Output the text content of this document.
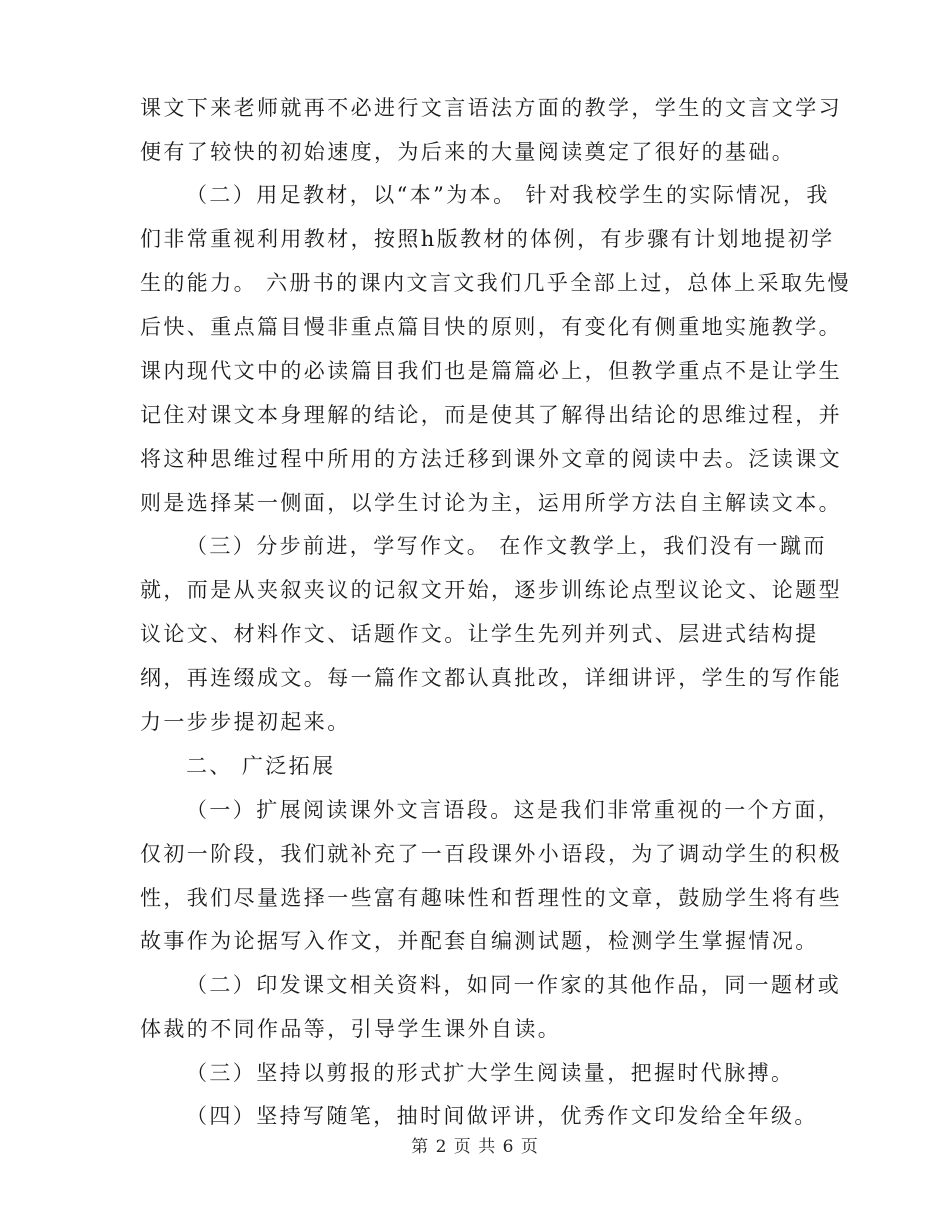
课文下来老师就再不必进行文言语法方面的教学，学生的文言文学习
便有了较快的初始速度，为后来的大量阅读奠定了很好的基础。
（二）用足教材，以“本”为本。 针对我校学生的实际情况，我
们非常重视利用教材，按照h版教材的体例，有步骤有计划地提初学
生的能力。 六册书的课内文言文我们几乎全部上过，总体上采取先慢
后快、重点篇目慢非重点篇目快的原则，有变化有侧重地实施教学。
课内现代文中的必读篇目我们也是篇篇必上，但教学重点不是让学生
记住对课文本身理解的结论，而是使其了解得出结论的思维过程，并
将这种思维过程中所用的方法迁移到课外文章的阅读中去。泛读课文
则是选择某一侧面，以学生讨论为主，运用所学方法自主解读文本。
（三）分步前进，学写作文。 在作文教学上，我们没有一蹴而
就，而是从夹叙夹议的记叙文开始，逐步训练论点型议论文、论题型
议论文、材料作文、话题作文。让学生先列并列式、层进式结构提
纲，再连缀成文。每一篇作文都认真批改，详细讲评，学生的写作能
力一步步提初起来。
二、 广泛拓展
（一）扩展阅读课外文言语段。这是我们非常重视的一个方面，
仅初一阶段，我们就补充了一百段课外小语段，为了调动学生的积极
性，我们尽量选择一些富有趣味性和哲理性的文章，鼓励学生将有些
故事作为论据写入作文，并配套自编测试题，检测学生掌握情况。
（二）印发课文相关资料，如同一作家的其他作品，同一题材或
体裁的不同作品等，引导学生课外自读。
（三）坚持以剪报的形式扩大学生阅读量，把握时代脉搏。
（四）坚持写随笔，抽时间做评讲，优秀作文印发给全年级。
第 2 页 共 6 页
